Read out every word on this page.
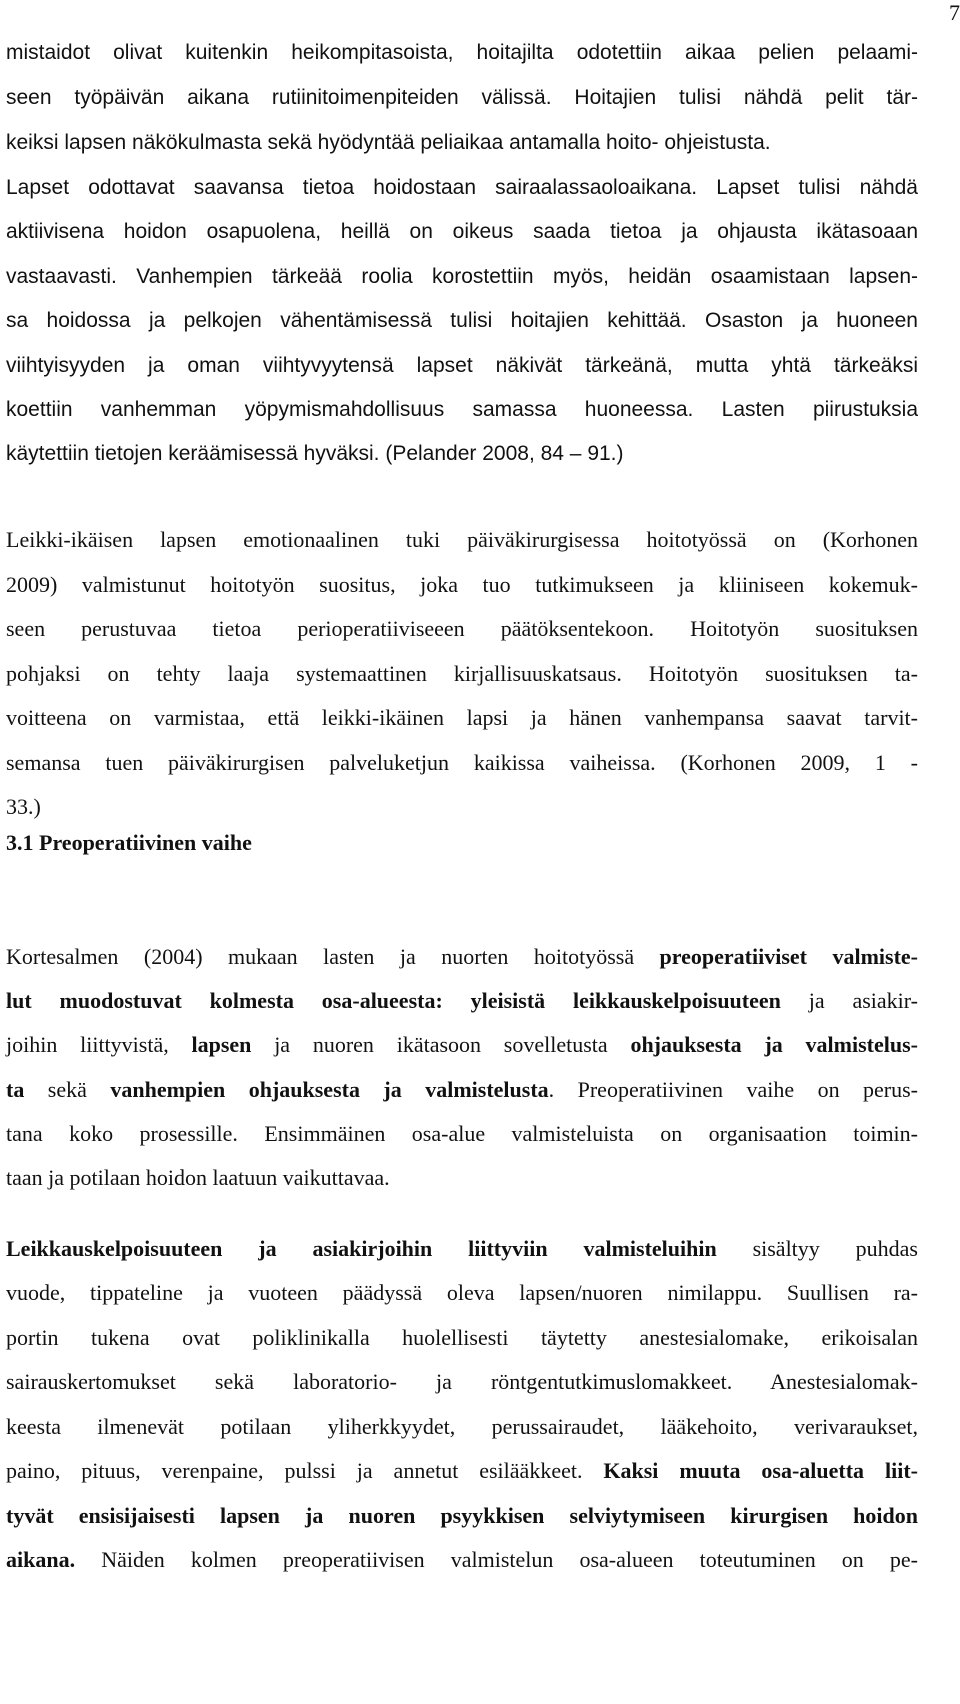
7
mistaidot olivat kuitenkin heikompitasoista, hoitajilta odotettiin aikaa pelien pelaami-
seen työpäivän aikana rutiinitoimenpiteiden välissä. Hoitajien tulisi nähdä pelit tär-
keiksi lapsen näkökulmasta sekä hyödyntää peliaikaa antamalla hoito- ohjeistusta.
Lapset odottavat saavansa tietoa hoidostaan sairaalassaoloaikana. Lapset tulisi nähdä
aktiivisena hoidon osapuolena, heillä on oikeus saada tietoa ja ohjausta ikätasoaan
vastaavasti. Vanhempien tärkeää roolia korostettiin myös, heidän osaamistaan lapsen-
sa hoidossa ja pelkojen vähentämisessä tulisi hoitajien kehittää. Osaston ja huoneen
viihtyisyyden ja oman viihtyvyytensä lapset näkivät tärkeänä, mutta yhtä tärkeäksi
koettiin vanhemman yöpymismahdollisuus samassa huoneessa. Lasten piirustuksia
käytettiin tietojen keräämisessä hyväksi. (Pelander 2008, 84 – 91.)
Leikki-ikäisen lapsen emotionaalinen tuki päiväkirurgisessa hoitotyössä on (Korhonen
2009) valmistunut hoitotyön suositus, joka tuo tutkimukseen ja kliiniseen kokemuk-
seen perustuvaa tietoa perioperatiiviseeen päätöksentekoon. Hoitotyön suosituksen
pohjaksi on tehty laaja systemaattinen kirjallisuuskatsaus. Hoitotyön suosituksen ta-
voitteena on varmistaa, että leikki-ikäinen lapsi ja hänen vanhempansa saavat tarvit-
semansa tuen päiväkirurgisen palveluketjun kaikissa vaiheissa. (Korhonen 2009, 1 -
33.)
3.1 Preoperatiivinen vaihe
Kortesalmen (2004) mukaan lasten ja nuorten hoitotyössä preoperatiiviset valmiste-
lut muodostuvat kolmesta osa-alueesta: yleisistä leikkauskelpoisuuteen ja asiakir-
joihin liittyvistä, lapsen ja nuoren ikätasoon sovelletusta ohjauksesta ja valmistelus-
ta sekä vanhempien ohjauksesta ja valmistelusta. Preoperatiivinen vaihe on perus-
tana koko prosessille. Ensimmäinen osa-alue valmisteluista on organisaation toimin-
taan ja potilaan hoidon laatuun vaikuttavaa.
Leikkauskelpoisuuteen ja asiakirjoihin liittyviin valmisteluihin sisältyy puhdas
vuode, tippateline ja vuoteen päädyssä oleva lapsen/nuoren nimilappu. Suullisen ra-
portin tukena ovat poliklinikalla huolellisesti täytetty anestesialomake, erikoisalan
sairauskertomukset sekä laboratorio- ja röntgentutkimuslomakkeet. Anestesialomak-
keesta ilmenevät potilaan yliherkkyydet, perussairaudet, lääkehoito, verivaraukset,
paino, pituus, verenpaine, pulssi ja annetut esilääkkeet. Kaksi muuta osa-aluetta liit-
tyvät ensisijaisesti lapsen ja nuoren psyykkisen selviytymiseen kirurgisen hoidon
aikana. Näiden kolmen preoperatiivisen valmistelun osa-alueen toteutuminen on pe-
